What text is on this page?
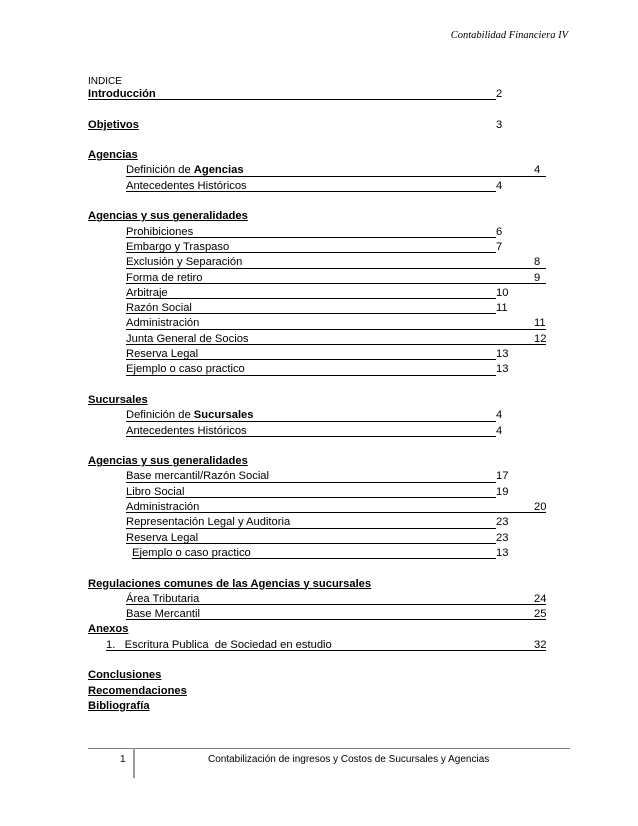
Contabilidad Financiera IV
INDICE
Introducción	2
Objetivos	3
Agencias
Definición de Agencias	4
Antecedentes Históricos	4
Agencias y sus generalidades
Prohibiciones	6
Embargo y Traspaso	7
Exclusión y Separación	8
Forma de retiro	9
Arbitraje	10
Razón Social	11
Administración	11
Junta General de Socios	12
Reserva Legal	13
Ejemplo o caso practico	13
Sucursales
Definición de Sucursales	4
Antecedentes Históricos	4
Agencias y sus generalidades
Base mercantil/Razón Social	17
Libro Social	19
Administración	20
Representación Legal y Auditoria	23
Reserva Legal	23
Ejemplo o caso practico	13
Regulaciones comunes de las Agencias y sucursales
Área Tributaria	24
Base Mercantil	25
Anexos
1.   Escritura Publica  de Sociedad en estudio	32
Conclusiones
Recomendaciones
Bibliografía
1	Contabilización de ingresos y Costos de Sucursales y Agencias
